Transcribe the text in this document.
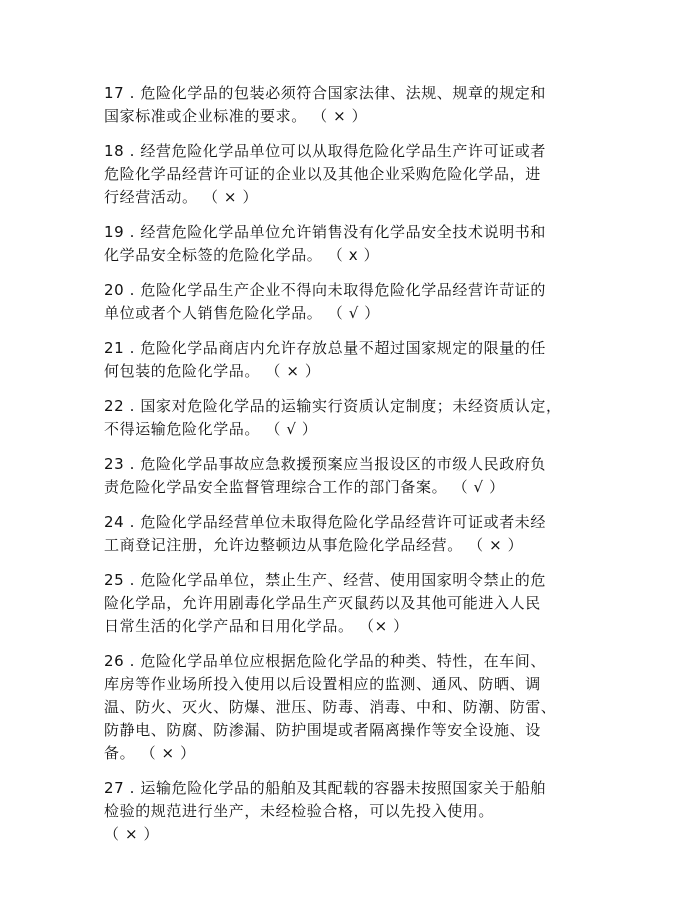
17 . 危险化学品的包装必须符合国家法律、法规、规章的规定和
国家标准或企业标准的要求。 （ × ）
18 . 经营危险化学品单位可以从取得危险化学品生产许可证或者
危险化学品经营许可证的企业以及其他企业采购危险化学品，进
行经营活动。 （ × ）
19 . 经营危险化学品单位允许销售没有化学品安全技术说明书和
化学品安全标签的危险化学品。 （ x ）
20 . 危险化学品生产企业不得向未取得危险化学品经营许苛证的
单位或者个人销售危险化学品。 （ √ ）
21 . 危险化学品商店内允许存放总量不超过国家规定的限量的任
何包装的危险化学品。 （ × ）
22 . 国家对危险化学品的运输实行资质认定制度；未经资质认定，
不得运输危险化学品。 （ √ ）
23 . 危险化学品事故应急救援预案应当报设区的市级人民政府负
责危险化学品安全监督管理综合工作的部门备案。 （ √ ）
24 . 危险化学品经营单位未取得危险化学品经营许可证或者未经
工商登记注册，允许边整顿边从事危险化学品经营。 （ × ）
25 . 危险化学品单位，禁止生产、经营、使用国家明令禁止的危
险化学品，允许用剧毒化学品生产灭鼠药以及其他可能进入人民
日常生活的化学产品和日用化学品。 （× ）
26 . 危险化学品单位应根据危险化学品的种类、特性，在车间、
库房等作业场所投入使用以后设置相应的监测、通风、防晒、调
温、防火、灭火、防爆、泄压、防毒、消毒、中和、防潮、防雷、
防静电、防腐、防渗漏、防护围堤或者隔离操作等安全设施、设
备。 （ × ）
27 . 运输危险化学品的船舶及其配载的容器未按照国家关于船舶
检验的规范进行坐产，未经检验合格，可以先投入使用。
（ × ）
